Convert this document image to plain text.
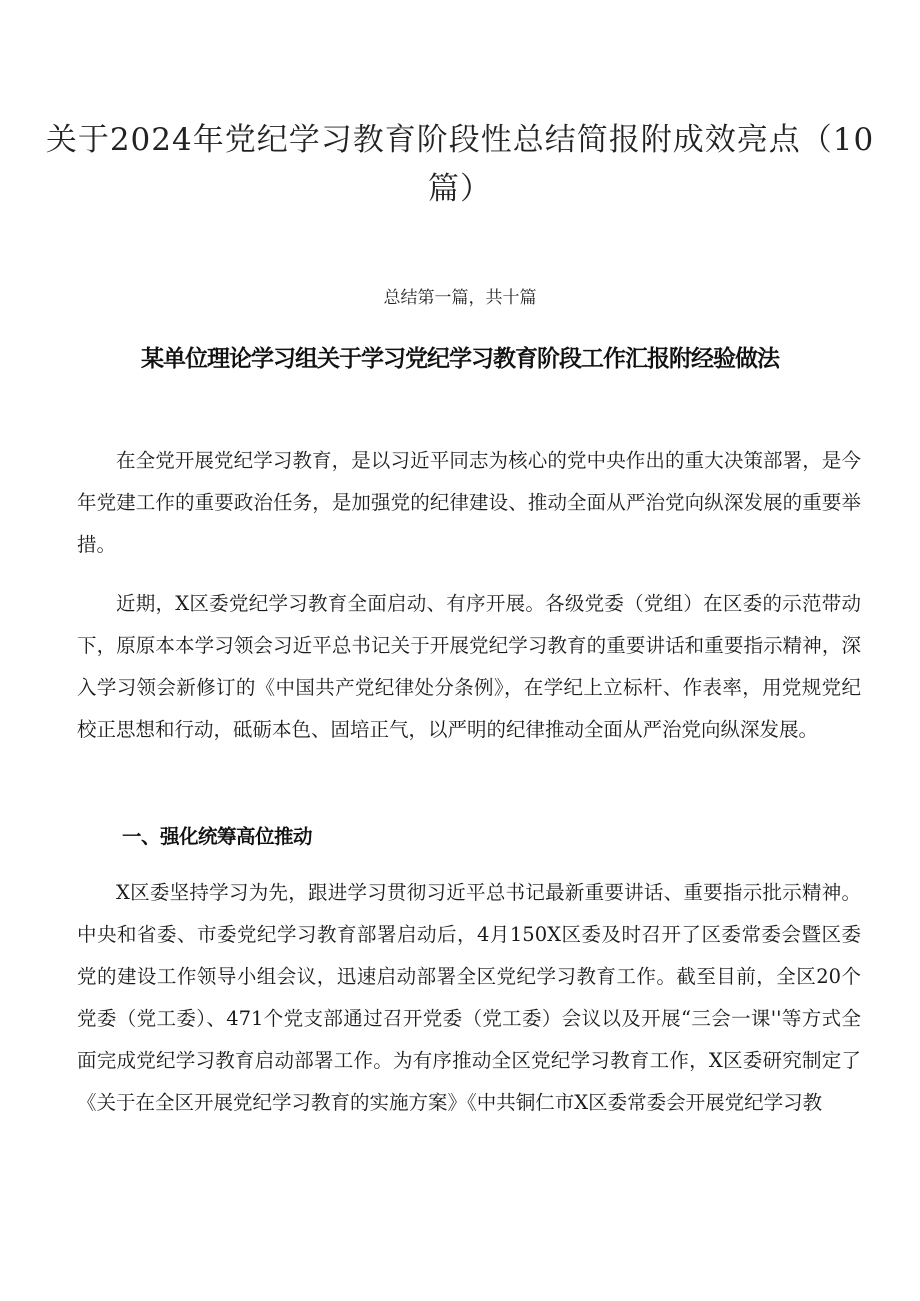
关于2024年党纪学习教育阶段性总结简报附成效亮点（10篇）

总结第一篇，共十篇

某单位理论学习组关于学习党纪学习教育阶段工作汇报附经验做法

在全党开展党纪学习教育，是以习近平同志为核心的党中央作出的重大决策部署，是今年党建工作的重要政治任务，是加强党的纪律建设、推动全面从严治党向纵深发展的重要举措。

近期，X区委党纪学习教育全面启动、有序开展。各级党委（党组）在区委的示范带动下，原原本本学习领会习近平总书记关于开展党纪学习教育的重要讲话和重要指示精神，深入学习领会新修订的《中国共产党纪律处分条例》，在学纪上立标杆、作表率，用党规党纪校正思想和行动，砥砺本色、固培正气，以严明的纪律推动全面从严治党向纵深发展。

一、强化统筹高位推动

X区委坚持学习为先，跟进学习贯彻习近平总书记最新重要讲话、重要指示批示精神。中央和省委、市委党纪学习教育部署启动后，4月150X区委及时召开了区委常委会暨区委党的建设工作领导小组会议，迅速启动部署全区党纪学习教育工作。截至目前，全区20个党委（党工委）、471个党支部通过召开党委（党工委）会议以及开展“三会一课''等方式全面完成党纪学习教育启动部署工作。为有序推动全区党纪学习教育工作，X区委研究制定了《关于在全区开展党纪学习教育的实施方案》《中共铜仁市X区委常委会开展党纪学习教
